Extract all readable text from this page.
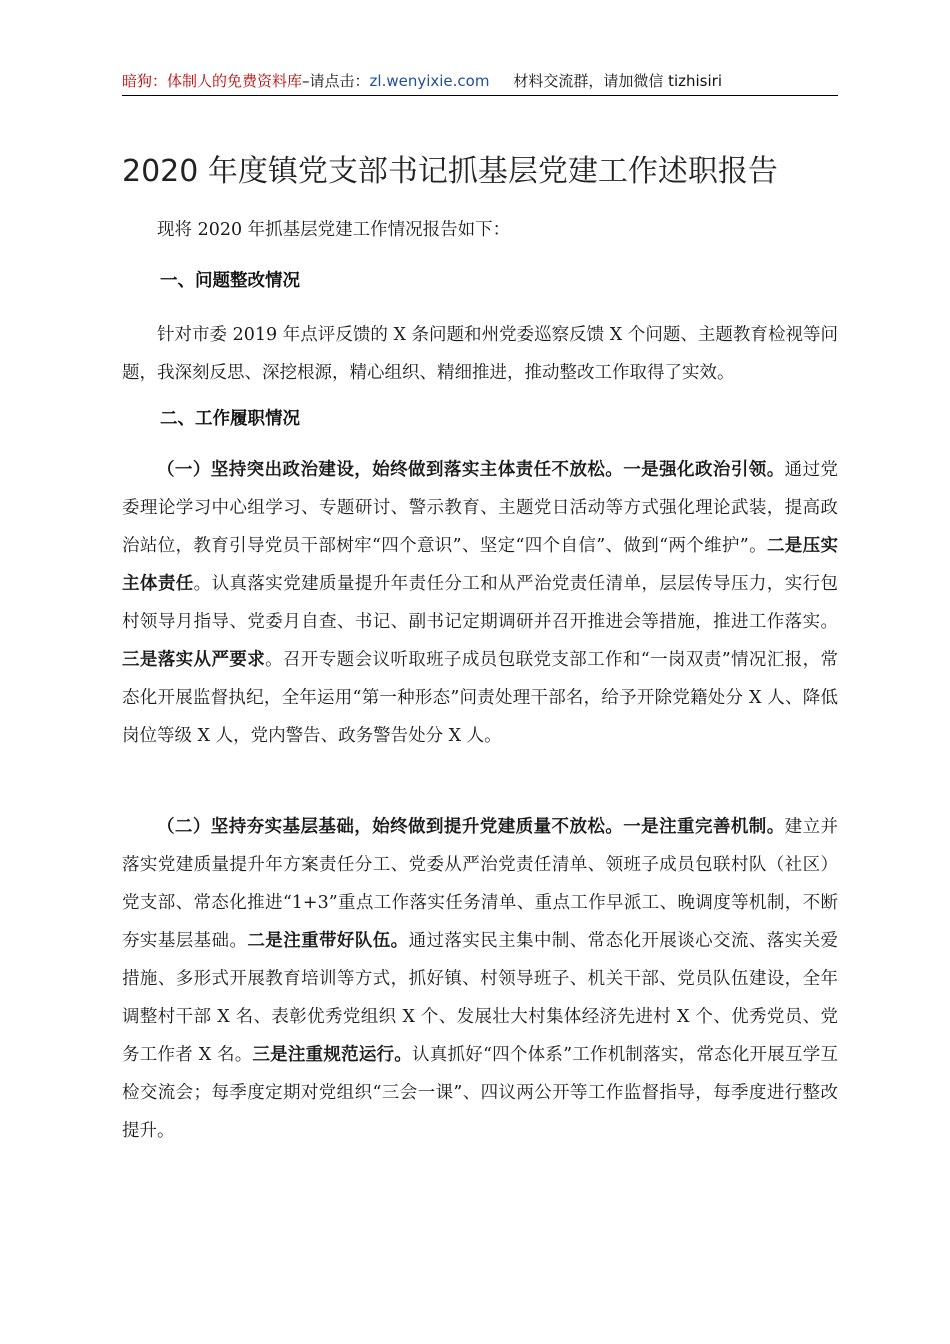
暗狗：体制人的免费资料库–请点击：zl.wenyixie.com 材料交流群，请加微信 tizhisiri
2020 年度镇党支部书记抓基层党建工作述职报告

现将 2020 年抓基层党建工作情况报告如下：

一、问题整改情况

针对市委 2019 年点评反馈的 X 条问题和州党委巡察反馈 X 个问题、主题教育检视等问题，我深刻反思、深挖根源，精心组织、精细推进，推动整改工作取得了实效。

二、工作履职情况

（一）坚持突出政治建设，始终做到落实主体责任不放松。一是强化政治引领。通过党委理论学习中心组学习、专题研讨、警示教育、主题党日活动等方式强化理论武装，提高政治站位，教育引导党员干部树牢“四个意识”、坚定“四个自信”、做到“两个维护”。二是压实主体责任。认真落实党建质量提升年责任分工和从严治党责任清单，层层传导压力，实行包村领导月指导、党委月自查、书记、副书记定期调研并召开推进会等措施，推进工作落实。三是落实从严要求。召开专题会议听取班子成员包联党支部工作和“一岗双责”情况汇报，常态化开展监督执纪，全年运用“第一种形态”问责处理干部名，给予开除党籍处分 X 人、降低岗位等级 X 人，党内警告、政务警告处分 X 人。

（二）坚持夯实基层基础，始终做到提升党建质量不放松。一是注重完善机制。建立并落实党建质量提升年方案责任分工、党委从严治党责任清单、领班子成员包联村队（社区）党支部、常态化推进“1+3”重点工作落实任务清单、重点工作早派工、晚调度等机制，不断夯实基层基础。二是注重带好队伍。通过落实民主集中制、常态化开展谈心交流、落实关爱措施、多形式开展教育培训等方式，抓好镇、村领导班子、机关干部、党员队伍建设，全年调整村干部 X 名、表彰优秀党组织 X 个、发展壮大村集体经济先进村 X 个、优秀党员、党务工作者 X 名。三是注重规范运行。认真抓好“四个体系”工作机制落实，常态化开展互学互检交流会；每季度定期对党组织“三会一课”、四议两公开等工作监督指导，每季度进行整改提升。
